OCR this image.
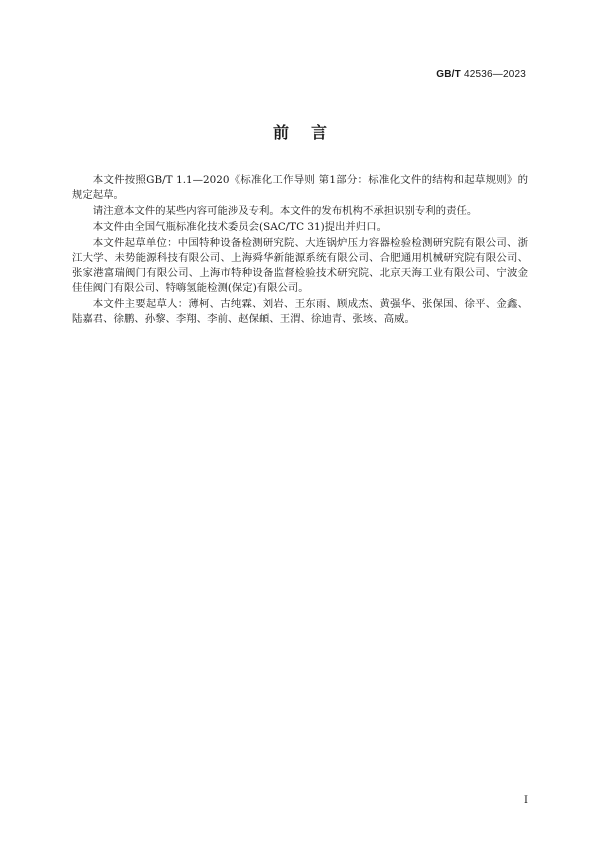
GB/T 42536—2023
前言

本文件按照GB/T 1.1—2020《标准化工作导则 第1部分：标准化文件的结构和起草规则》的规定起草。

请注意本文件的某些内容可能涉及专利。本文件的发布机构不承担识别专利的责任。

本文件由全国气瓶标准化技术委员会(SAC/TC 31)提出并归口。

本文件起草单位：中国特种设备检测研究院、大连锅炉压力容器检验检测研究院有限公司、浙江大学、未势能源科技有限公司、上海舜华新能源系统有限公司、合肥通用机械研究院有限公司、张家港富瑞阀门有限公司、上海市特种设备监督检验技术研究院、北京天海工业有限公司、宁波金佳佳阀门有限公司、特嗨氢能检测(保定)有限公司。

本文件主要起草人：薄柯、古纯霖、刘岩、王东雨、顾成杰、黄强华、张保国、徐平、金鑫、陆嘉君、徐鹏、孙黎、李翔、李前、赵保頔、王渭、徐迪青、张垓、高威。

I
